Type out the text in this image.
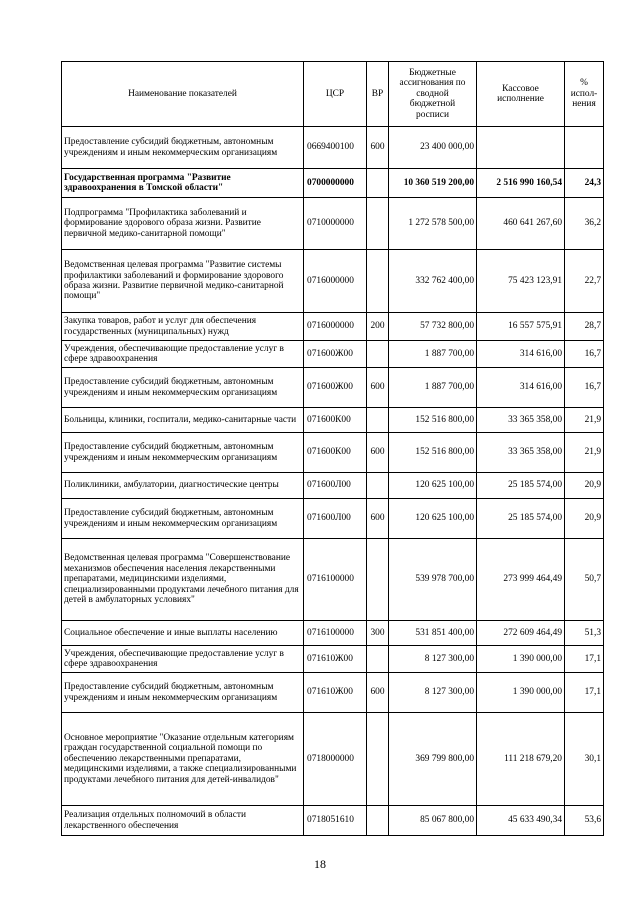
Наименование показателей	ЦСР	ВР	Бюджетные ассигнования по сводной бюджетной росписи	Кассовое исполнение	% испол-нения
Предоставление субсидий бюджетным, автономным учреждениям и иным некоммерческим организациям	0669400100	600	23 400 000,00		
Государственная программа "Развитие здравоохранения в Томской области"	0700000000		10 360 519 200,00	2 516 990 160,54	24,3
Подпрограмма "Профилактика заболеваний и формирование здорового образа жизни. Развитие первичной медико-санитарной помощи"	0710000000		1 272 578 500,00	460 641 267,60	36,2
Ведомственная целевая программа "Развитие системы профилактики заболеваний и формирование здорового образа жизни. Развитие первичной медико-санитарной помощи"	0716000000		332 762 400,00	75 423 123,91	22,7
Закупка товаров, работ и услуг для обеспечения государственных (муниципальных) нужд	0716000000	200	57 732 800,00	16 557 575,91	28,7
Учреждения, обеспечивающие предоставление услуг в сфере здравоохранения	071600Ж00		1 887 700,00	314 616,00	16,7
Предоставление субсидий бюджетным, автономным учреждениям и иным некоммерческим организациям	071600Ж00	600	1 887 700,00	314 616,00	16,7
Больницы, клиники, госпитали, медико-санитарные части	071600К00		152 516 800,00	33 365 358,00	21,9
Предоставление субсидий бюджетным, автономным учреждениям и иным некоммерческим организациям	071600К00	600	152 516 800,00	33 365 358,00	21,9
Поликлиники, амбулатории, диагностические центры	071600Л00		120 625 100,00	25 185 574,00	20,9
Предоставление субсидий бюджетным, автономным учреждениям и иным некоммерческим организациям	071600Л00	600	120 625 100,00	25 185 574,00	20,9
Ведомственная целевая программа "Совершенствование механизмов обеспечения населения лекарственными препаратами, медицинскими изделиями, специализированными продуктами лечебного питания для детей в амбулаторных условиях"	0716100000		539 978 700,00	273 999 464,49	50,7
Социальное обеспечение и иные выплаты населению	0716100000	300	531 851 400,00	272 609 464,49	51,3
Учреждения, обеспечивающие предоставление услуг в сфере здравоохранения	071610Ж00		8 127 300,00	1 390 000,00	17,1
Предоставление субсидий бюджетным, автономным учреждениям и иным некоммерческим организациям	071610Ж00	600	8 127 300,00	1 390 000,00	17,1
Основное мероприятие "Оказание отдельным категориям граждан государственной социальной помощи по обеспечению лекарственными препаратами, медицинскими изделиями, а также специализированными продуктами лечебного питания для детей-инвалидов"	0718000000		369 799 800,00	111 218 679,20	30,1
Реализация отдельных полномочий в области лекарственного обеспечения	0718051610		85 067 800,00	45 633 490,34	53,6
18
